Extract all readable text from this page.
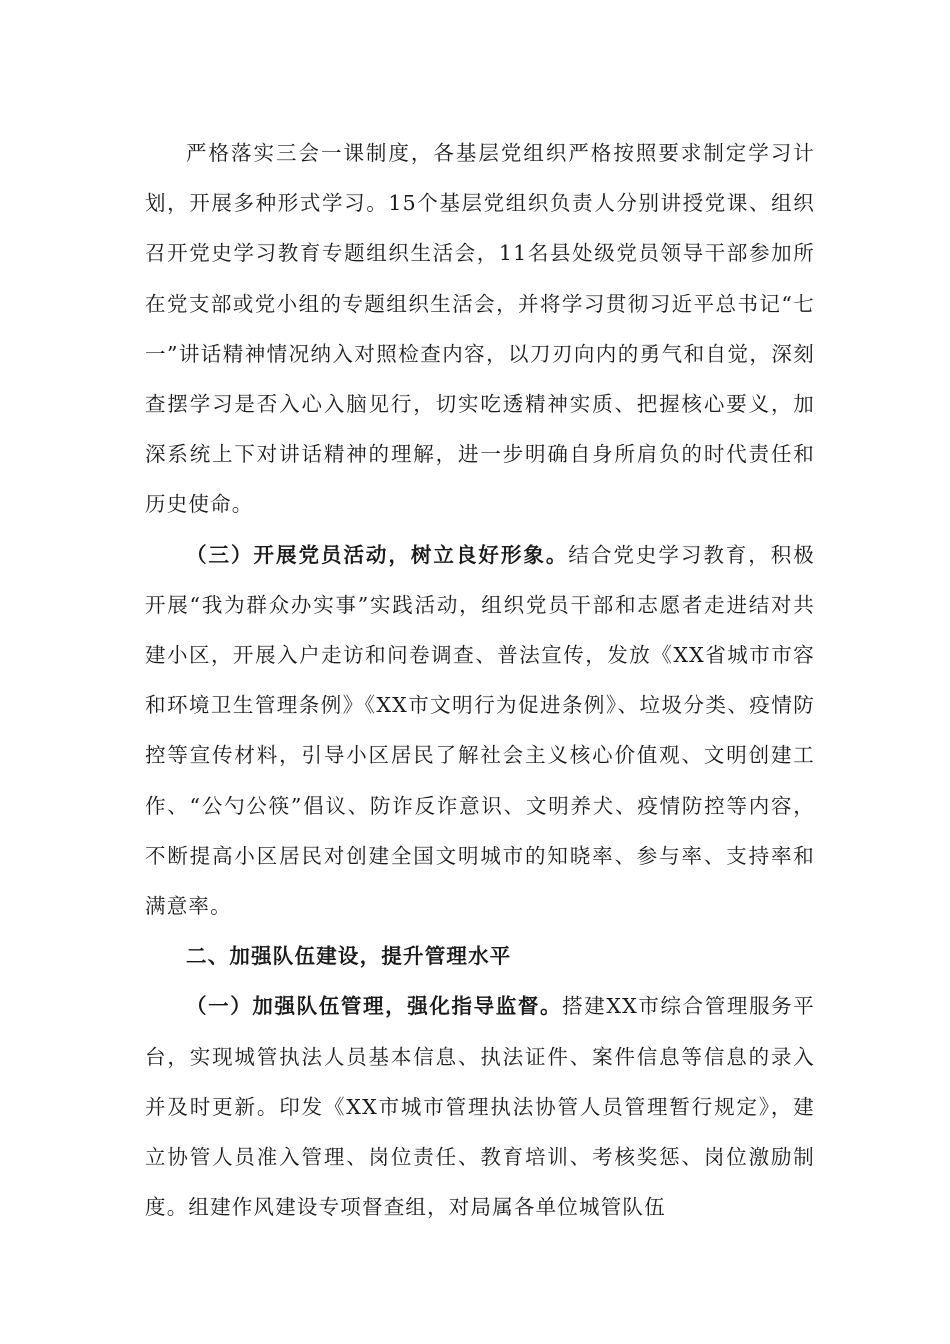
严格落实三会一课制度，各基层党组织严格按照要求制定学习计划，开展多种形式学习。15个基层党组织负责人分别讲授党课、组织召开党史学习教育专题组织生活会，11名县处级党员领导干部参加所在党支部或党小组的专题组织生活会，并将学习贯彻习近平总书记“七一”讲话精神情况纳入对照检查内容，以刀刃向内的勇气和自觉，深刻查摆学习是否入心入脑见行，切实吃透精神实质、把握核心要义，加深系统上下对讲话精神的理解，进一步明确自身所肩负的时代责任和历史使命。

（三）开展党员活动，树立良好形象。结合党史学习教育，积极开展“我为群众办实事”实践活动，组织党员干部和志愿者走进结对共建小区，开展入户走访和问卷调查、普法宣传，发放《XX省城市市容和环境卫生管理条例》《XX市文明行为促进条例》、垃圾分类、疫情防控等宣传材料，引导小区居民了解社会主义核心价值观、文明创建工作、“公勺公筷”倡议、防诈反诈意识、文明养犬、疫情防控等内容，不断提高小区居民对创建全国文明城市的知晓率、参与率、支持率和满意率。

二、加强队伍建设，提升管理水平

（一）加强队伍管理，强化指导监督。搭建XX市综合管理服务平台，实现城管执法人员基本信息、执法证件、案件信息等信息的录入并及时更新。印发《XX市城市管理执法协管人员管理暂行规定》，建立协管人员准入管理、岗位责任、教育培训、考核奖惩、岗位激励制度。组建作风建设专项督查组，对局属各单位城管队伍
